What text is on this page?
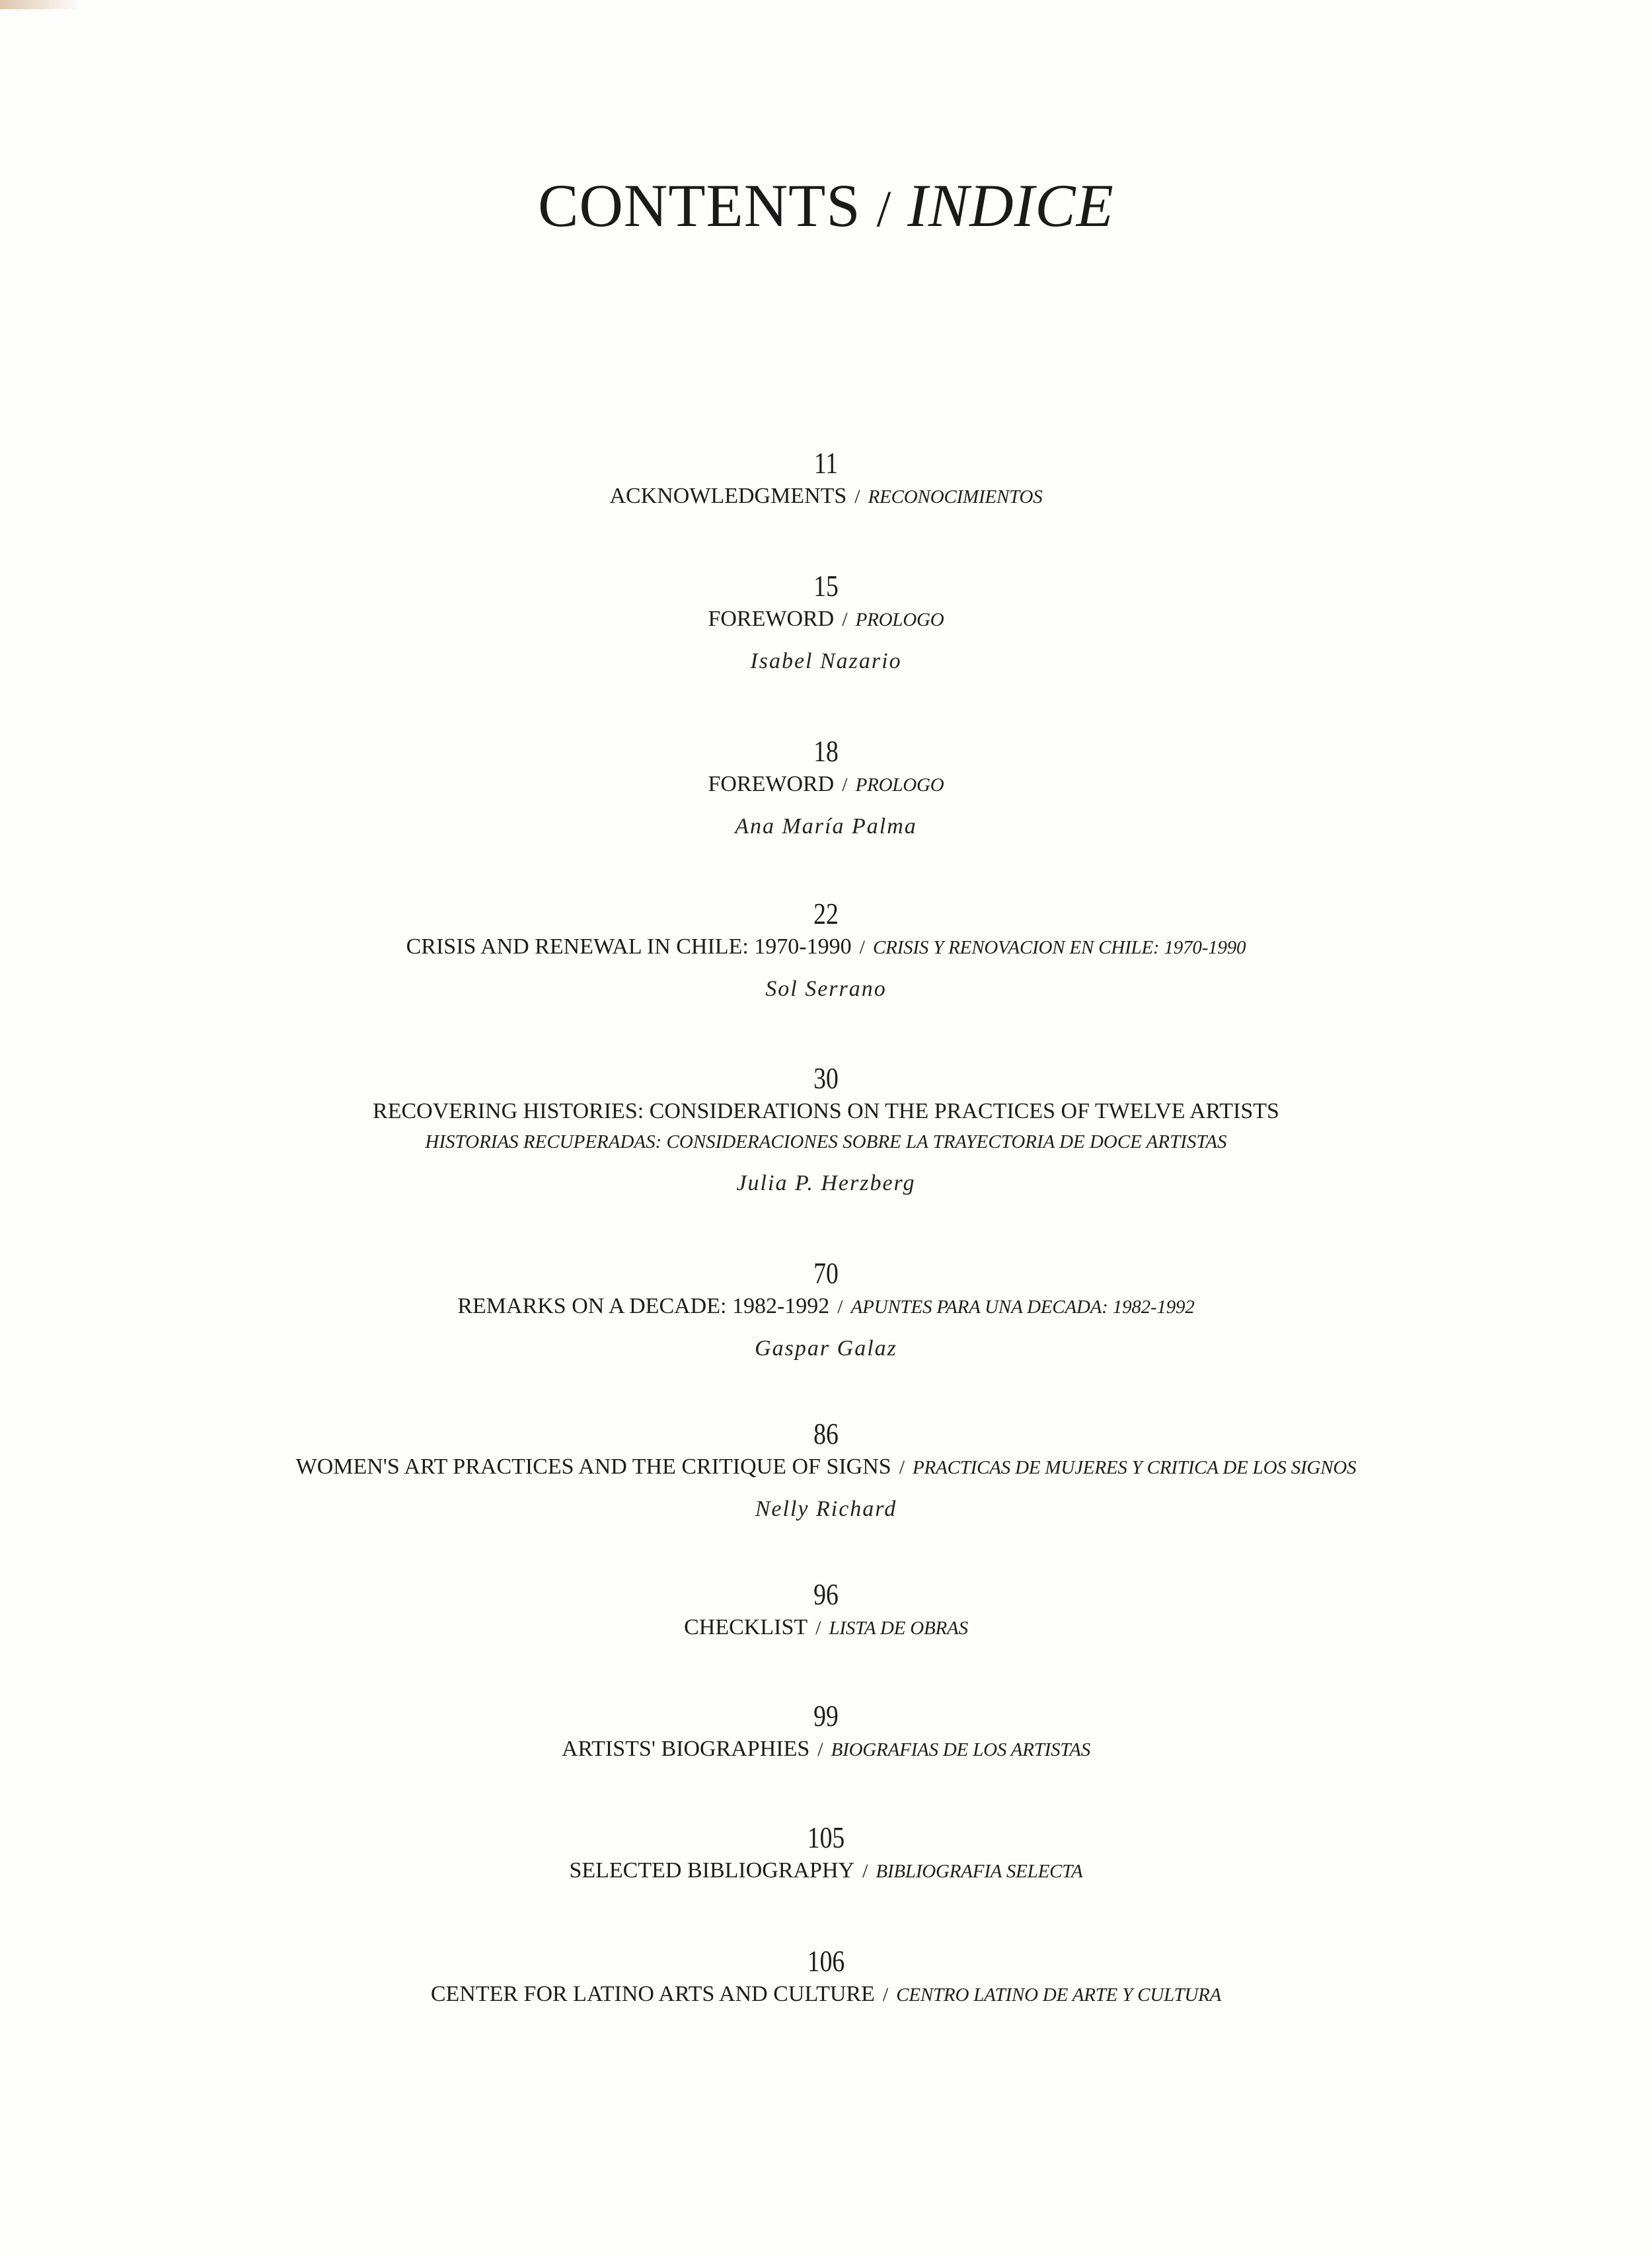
CONTENTS / INDICE
11
ACKNOWLEDGMENTS / RECONOCIMIENTOS
15
FOREWORD / PROLOGO
Isabel Nazario
18
FOREWORD / PROLOGO
Ana María Palma
22
CRISIS AND RENEWAL IN CHILE: 1970-1990 / CRISIS Y RENOVACION EN CHILE: 1970-1990
Sol Serrano
30
RECOVERING HISTORIES: CONSIDERATIONS ON THE PRACTICES OF TWELVE ARTISTS
HISTORIAS RECUPERADAS: CONSIDERACIONES SOBRE LA TRAYECTORIA DE DOCE ARTISTAS
Julia P. Herzberg
70
REMARKS ON A DECADE: 1982-1992 / APUNTES PARA UNA DECADA: 1982-1992
Gaspar Galaz
86
WOMEN'S ART PRACTICES AND THE CRITIQUE OF SIGNS / PRACTICAS DE MUJERES Y CRITICA DE LOS SIGNOS
Nelly Richard
96
CHECKLIST / LISTA DE OBRAS
99
ARTISTS' BIOGRAPHIES / BIOGRAFIAS DE LOS ARTISTAS
105
SELECTED BIBLIOGRAPHY / BIBLIOGRAFIA SELECTA
106
CENTER FOR LATINO ARTS AND CULTURE / CENTRO LATINO DE ARTE Y CULTURA
